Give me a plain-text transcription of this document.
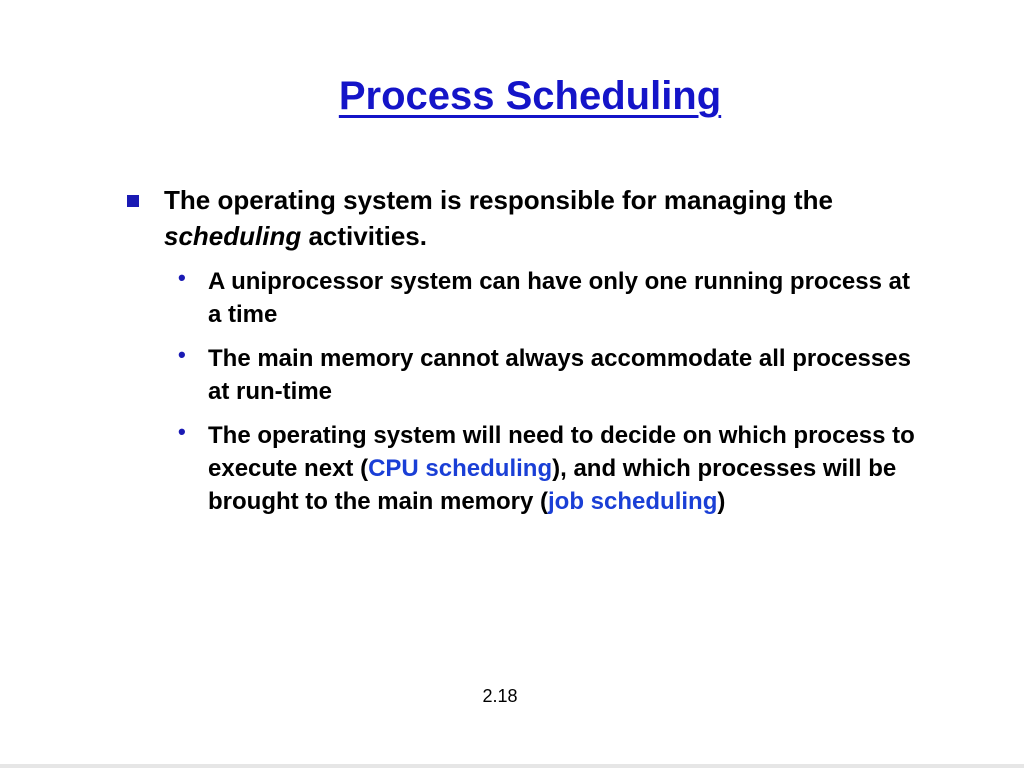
Process Scheduling
The operating system is responsible for managing the scheduling activities.
• A uniprocessor system can have only one running process at a time
• The main memory cannot always accommodate all processes at run-time
• The operating system will need to decide on which process to execute next (CPU scheduling), and which processes will be brought to the main memory (job scheduling)
2.18
